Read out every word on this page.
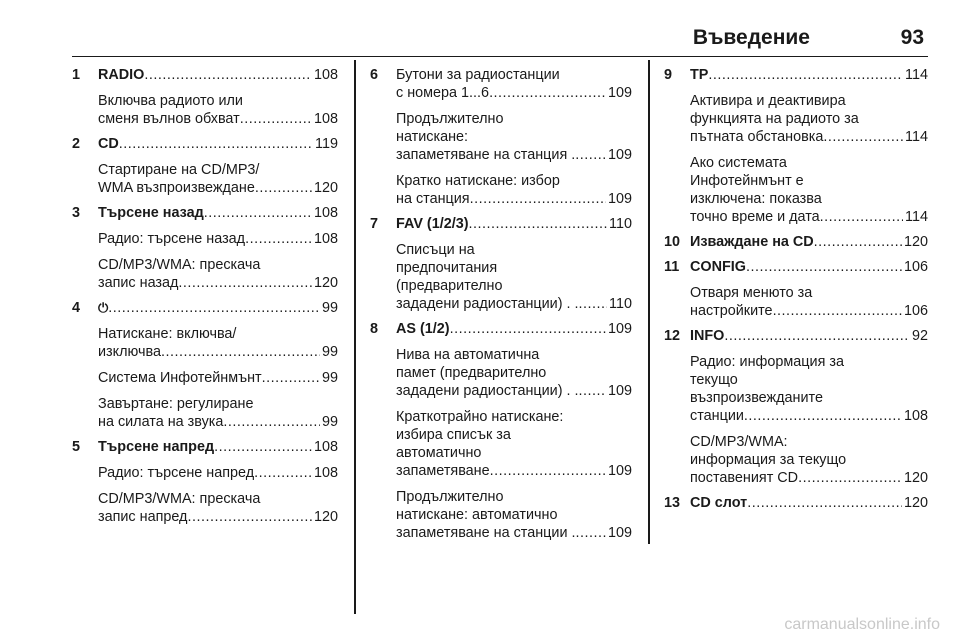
Въведение	93
1	RADIO .....	108
Включва радиото или
сменя вълнов обхват .....	108
2	CD .....	119
Стартиране на CD/MP3/
WMA възпроизвеждане .....	120
3	Търсене назад .....	108
Радио: търсене назад .....	108
CD/MP3/WMA: прескача
запис назад .....	120
4	⏻ .....	99
Натискане: включва/
изключва .....	99
Система Инфотейнмънт .....	99
Завъртане: регулиране
на силата на звука .....	99
5	Търсене напред .....	108
Радио: търсене напред .....	108
CD/MP3/WMA: прескача
запис напред .....	120
6	Бутони за радиостанции
с номера 1...6 .....	109
Продължително
натискане:
запаметяване на станция . ..... 109
Кратко натискане: избор
на станция .....	109
7	FAV (1/2/3) .....	110
Списъци на
предпочитания
(предварително
зададени радиостанции) . . ..... 110
8	AS (1/2) .....	109
Нива на автоматична
памет (предварително
зададени радиостанции) . . ..... 109
Краткотрайно натискане:
избира списък за
автоматично
запаметяване .....	109
Продължително
натискане: автоматично
запаметяване на станции . ..... 109
9	TP .....	114
Активира и деактивира
функцията на радиото за
пътната обстановка .....	114
Ако системата
Инфотейнмънт е
изключена: показва
точно време и дата .....	114
10 Изваждане на CD .....	120
11 CONFIG .....	106
Отваря менюто за
настройките .....	106
12 INFO .....	92
Радио: информация за
текущо
възпроизвежданите
станции .....	108
CD/MP3/WMA:
информация за текущо
поставеният CD .....	120
13 CD слот .....	120
carmanualsonline.info
